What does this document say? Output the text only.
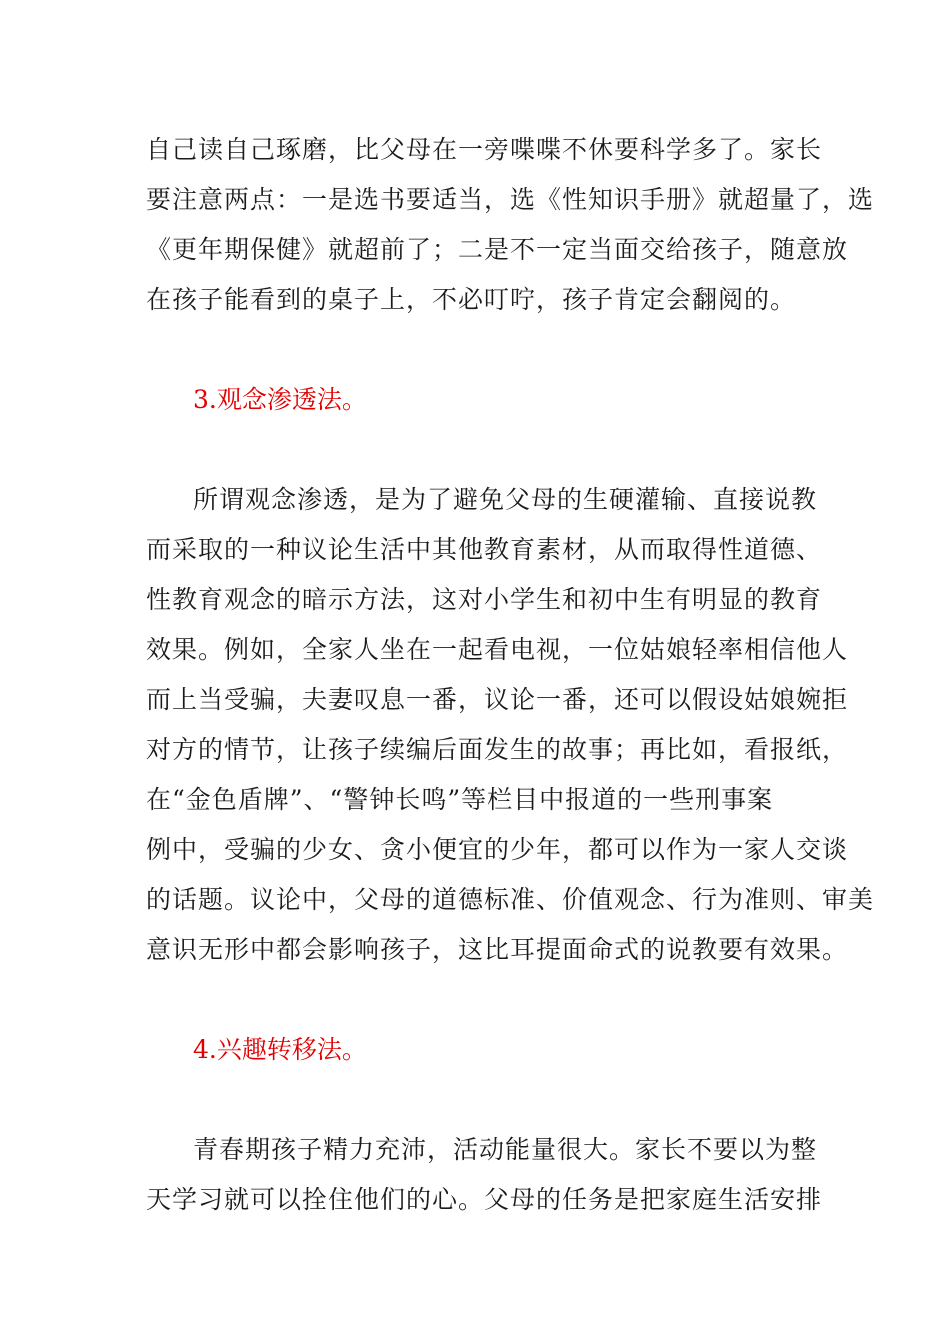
自己读自己琢磨，比父母在一旁喋喋不休要科学多了。家长
要注意两点：一是选书要适当，选《性知识手册》就超量了，选
《更年期保健》就超前了；二是不一定当面交给孩子，随意放
在孩子能看到的桌子上，不必叮咛，孩子肯定会翻阅的。
3.观念渗透法。
所谓观念渗透，是为了避免父母的生硬灌输、直接说教
而采取的一种议论生活中其他教育素材，从而取得性道德、
性教育观念的暗示方法，这对小学生和初中生有明显的教育
效果。例如，全家人坐在一起看电视，一位姑娘轻率相信他人
而上当受骗，夫妻叹息一番，议论一番，还可以假设姑娘婉拒
对方的情节，让孩子续编后面发生的故事；再比如，看报纸，
在“金色盾牌”、“警钟长鸣”等栏目中报道的一些刑事案
例中，受骗的少女、贪小便宜的少年，都可以作为一家人交谈
的话题。议论中，父母的道德标准、价值观念、行为准则、审美
意识无形中都会影响孩子，这比耳提面命式的说教要有效果。
4.兴趣转移法。
青春期孩子精力充沛，活动能量很大。家长不要以为整
天学习就可以拴住他们的心。父母的任务是把家庭生活安排
